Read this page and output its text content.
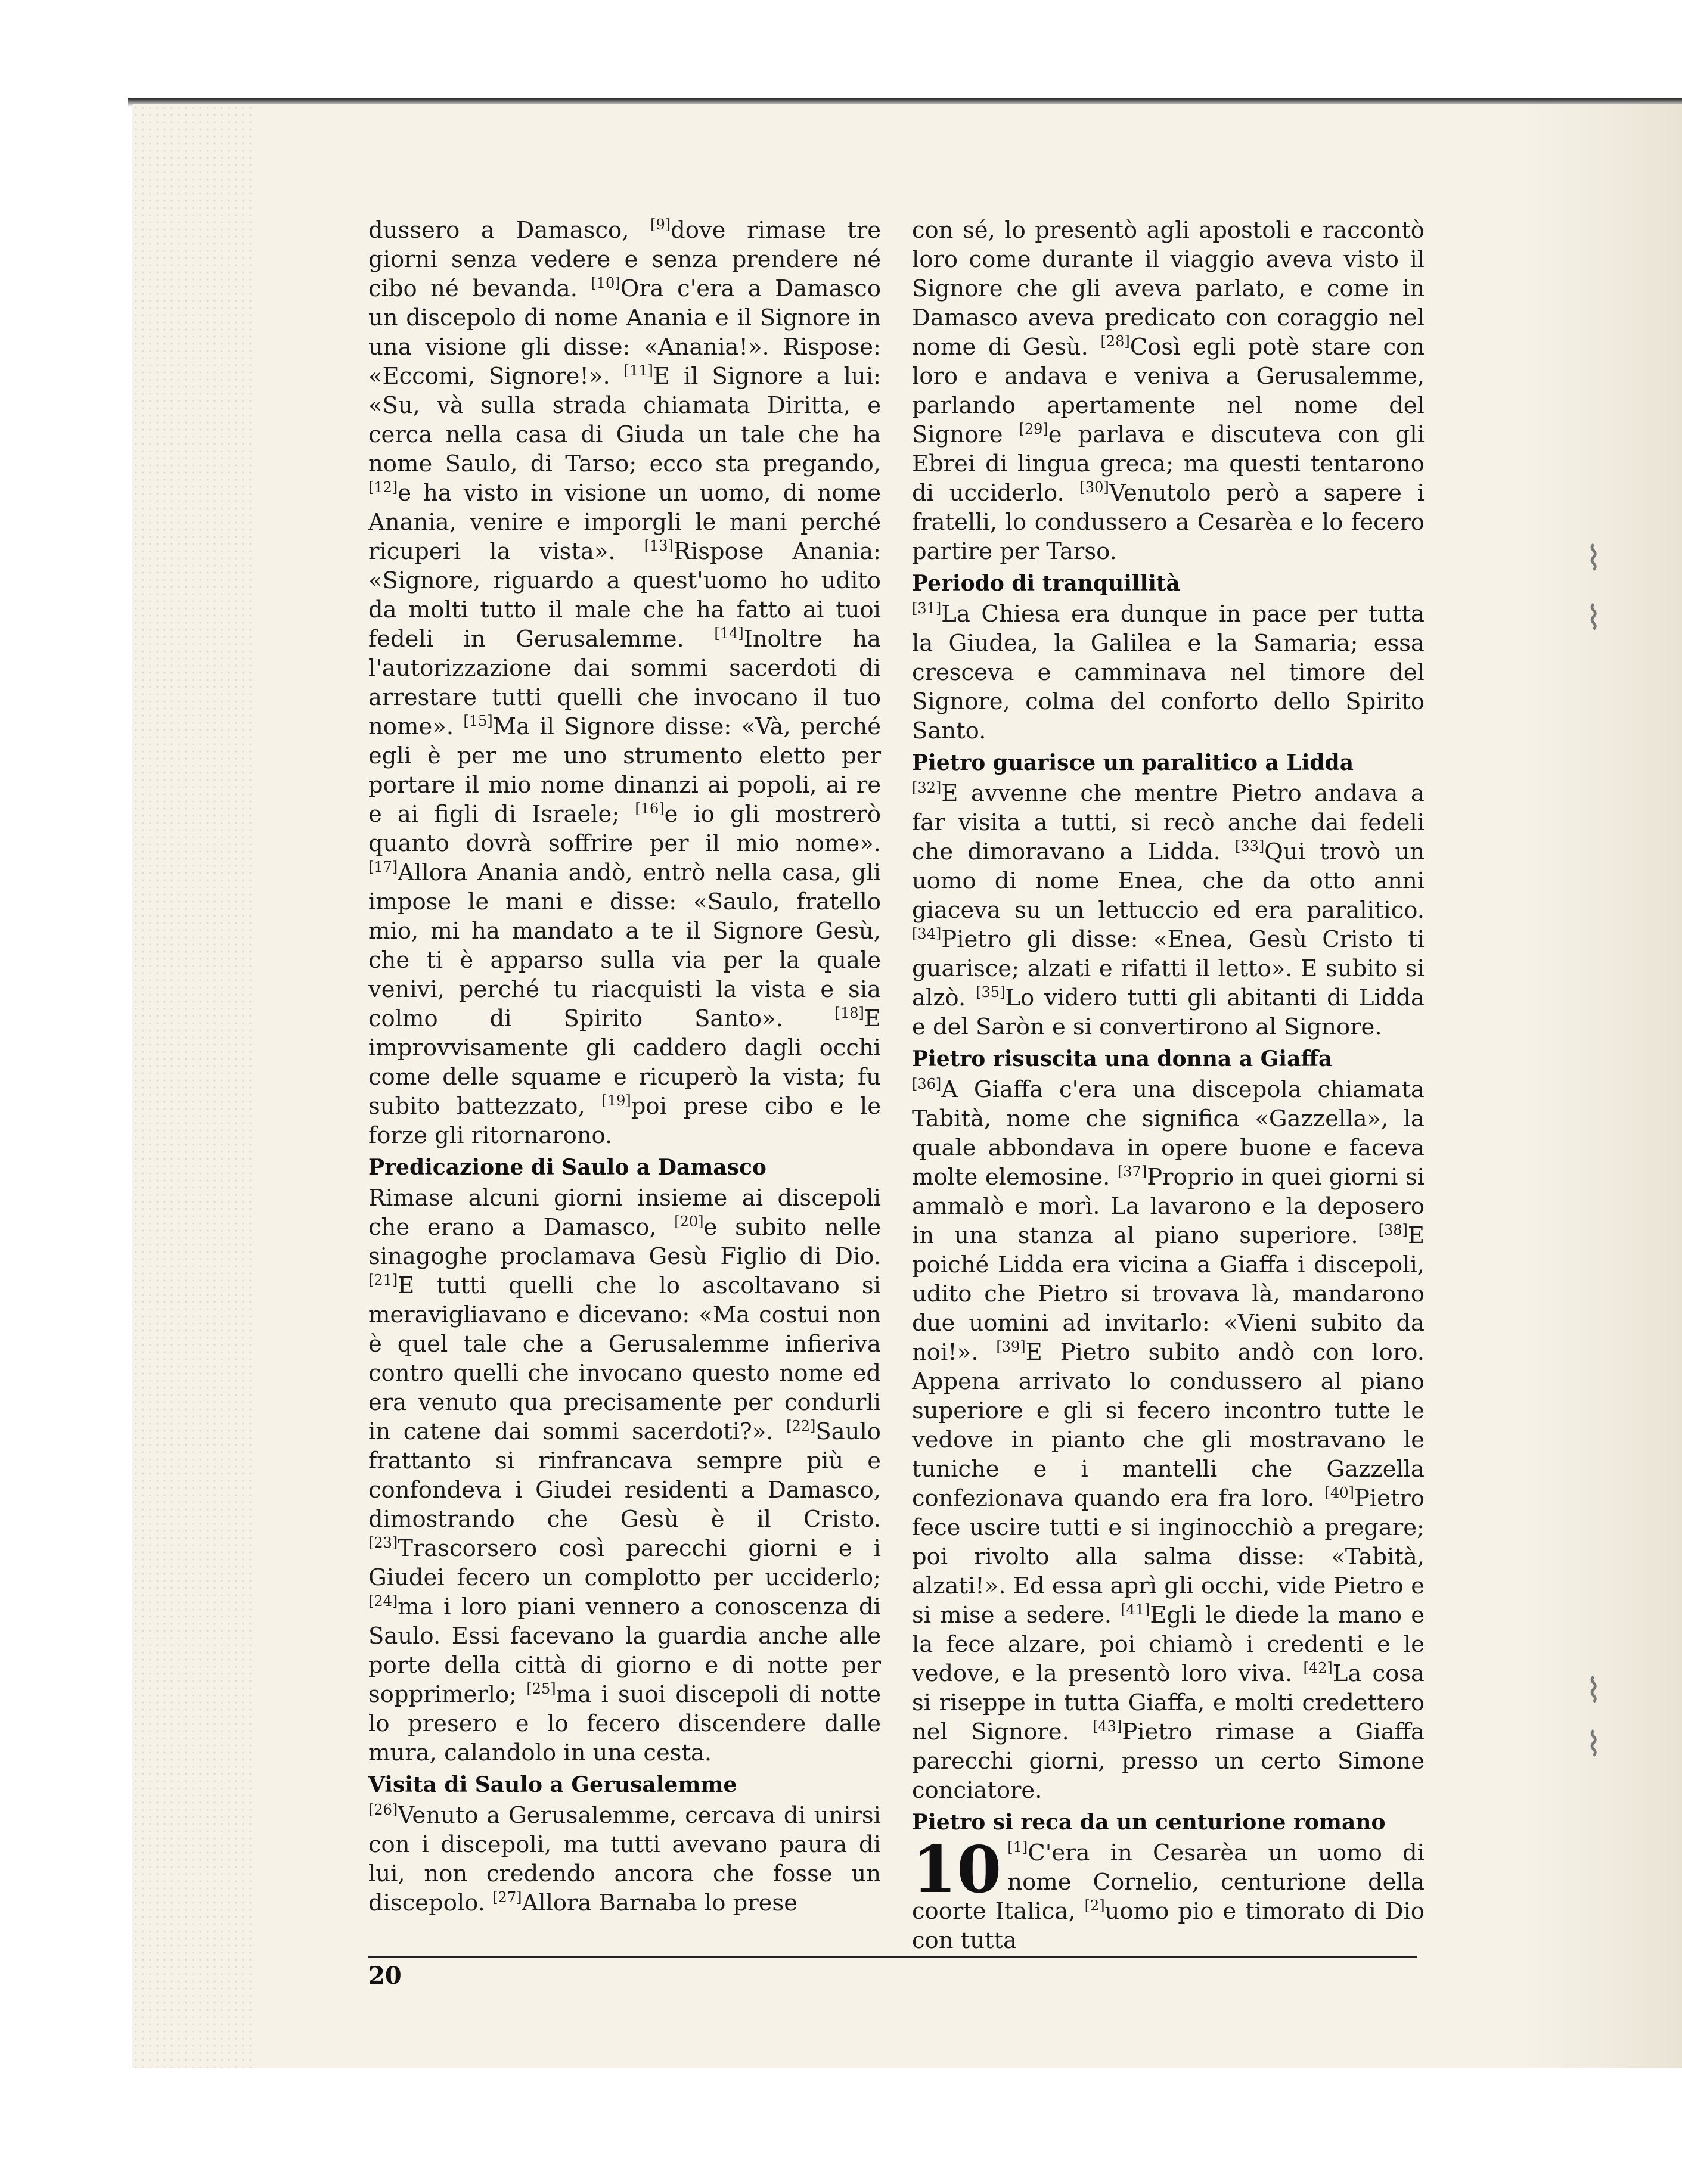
⌇
⌇
⌇
⌇

dussero a Damasco, [9]dove rimase tre giorni senza vedere e senza prendere né cibo né bevanda. [10]Ora c'era a Damasco un discepolo di nome Anania e il Signore in una visione gli disse: «Anania!». Rispose: «Eccomi, Signore!». [11]E il Signore a lui: «Su, và sulla strada chiamata Diritta, e cerca nella casa di Giuda un tale che ha nome Saulo, di Tarso; ecco sta pregando, [12]e ha visto in visione un uomo, di nome Anania, venire e imporgli le mani perché ricuperi la vista». [13]Rispose Anania: «Signore, riguardo a quest'uomo ho udito da molti tutto il male che ha fatto ai tuoi fedeli in Gerusalemme. [14]Inoltre ha l'autorizzazione dai sommi sacerdoti di arrestare tutti quelli che invocano il tuo nome». [15]Ma il Signore disse: «Và, perché egli è per me uno strumento eletto per portare il mio nome dinanzi ai popoli, ai re e ai figli di Israele; [16]e io gli mostrerò quanto dovrà soffrire per il mio nome». [17]Allora Anania andò, entrò nella casa, gli impose le mani e disse: «Saulo, fratello mio, mi ha mandato a te il Signore Gesù, che ti è apparso sulla via per la quale venivi, perché tu riacquisti la vista e sia colmo di Spirito Santo». [18]E improvvisamente gli caddero dagli occhi come delle squame e ricuperò la vista; fu subito battezzato, [19]poi prese cibo e le forze gli ritornarono.

Predicazione di Saulo a Damasco

Rimase alcuni giorni insieme ai discepoli che erano a Damasco, [20]e subito nelle sinagoghe proclamava Gesù Figlio di Dio. [21]E tutti quelli che lo ascoltavano si meravigliavano e dicevano: «Ma costui non è quel tale che a Gerusalemme infieriva contro quelli che invocano questo nome ed era venuto qua precisamente per condurli in catene dai sommi sacerdoti?». [22]Saulo frattanto si rinfrancava sempre più e confondeva i Giudei residenti a Damasco, dimostrando che Gesù è il Cristo. [23]Trascorsero così parecchi giorni e i Giudei fecero un complotto per ucciderlo; [24]ma i loro piani vennero a conoscenza di Saulo. Essi facevano la guardia anche alle porte della città di giorno e di notte per sopprimerlo; [25]ma i suoi discepoli di notte lo presero e lo fecero discendere dalle mura, calandolo in una cesta.

Visita di Saulo a Gerusalemme

[26]Venuto a Gerusalemme, cercava di unirsi con i discepoli, ma tutti avevano paura di lui, non credendo ancora che fosse un discepolo. [27]Allora Barnaba lo prese

con sé, lo presentò agli apostoli e raccontò loro come durante il viaggio aveva visto il Signore che gli aveva parlato, e come in Damasco aveva predicato con coraggio nel nome di Gesù. [28]Così egli potè stare con loro e andava e veniva a Gerusalemme, parlando apertamente nel nome del Signore [29]e parlava e discuteva con gli Ebrei di lingua greca; ma questi tentarono di ucciderlo. [30]Venutolo però a sapere i fratelli, lo condussero a Cesarèa e lo fecero partire per Tarso.

Periodo di tranquillità

[31]La Chiesa era dunque in pace per tutta la Giudea, la Galilea e la Samaria; essa cresceva e camminava nel timore del Signore, colma del conforto dello Spirito Santo.

Pietro guarisce un paralitico a Lidda

[32]E avvenne che mentre Pietro andava a far visita a tutti, si recò anche dai fedeli che dimoravano a Lidda. [33]Qui trovò un uomo di nome Enea, che da otto anni giaceva su un lettuccio ed era paralitico. [34]Pietro gli disse: «Enea, Gesù Cristo ti guarisce; alzati e rifatti il letto». E subito si alzò. [35]Lo videro tutti gli abitanti di Lidda e del Saròn e si convertirono al Signore.

Pietro risuscita una donna a Giaffa

[36]A Giaffa c'era una discepola chiamata Tabità, nome che significa «Gazzella», la quale abbondava in opere buone e faceva molte elemosine. [37]Proprio in quei giorni si ammalò e morì. La lavarono e la deposero in una stanza al piano superiore. [38]E poiché Lidda era vicina a Giaffa i discepoli, udito che Pietro si trovava là, mandarono due uomini ad invitarlo: «Vieni subito da noi!». [39]E Pietro subito andò con loro. Appena arrivato lo condussero al piano superiore e gli si fecero incontro tutte le vedove in pianto che gli mostravano le tuniche e i mantelli che Gazzella confezionava quando era fra loro. [40]Pietro fece uscire tutti e si inginocchiò a pregare; poi rivolto alla salma disse: «Tabità, alzati!». Ed essa aprì gli occhi, vide Pietro e si mise a sedere. [41]Egli le diede la mano e la fece alzare, poi chiamò i credenti e le vedove, e la presentò loro viva. [42]La cosa si riseppe in tutta Giaffa, e molti credettero nel Signore. [43]Pietro rimase a Giaffa parecchi giorni, presso un certo Simone conciatore.

Pietro si reca da un centurione romano

10 [1]C'era in Cesarèa un uomo di nome Cornelio, centurione della coorte Italica, [2]uomo pio e timorato di Dio con tutta

20
